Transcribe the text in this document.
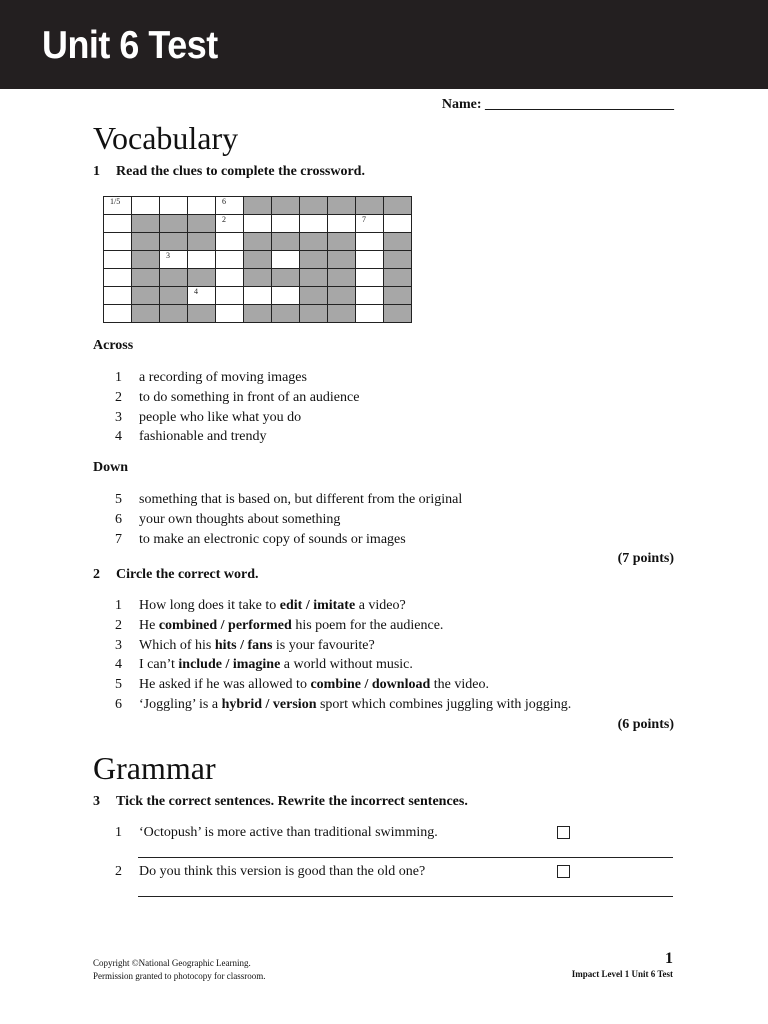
Unit 6 Test
Name: ___________________________
Vocabulary
1 Read the clues to complete the crossword.
1/5	6
2	7
3
4
Across
1 a recording of moving images
2 to do something in front of an audience
3 people who like what you do
4 fashionable and trendy
Down
5 something that is based on, but different from the original
6 your own thoughts about something
7 to make an electronic copy of sounds or images
(7 points)
2 Circle the correct word.
1 How long does it take to edit / imitate a video?
2 He combined / performed his poem for the audience.
3 Which of his hits / fans is your favourite?
4 I can’t include / imagine a world without music.
5 He asked if he was allowed to combine / download the video.
6 ‘Joggling’ is a hybrid / version sport which combines juggling with jogging.
(6 points)
Grammar
3 Tick the correct sentences. Rewrite the incorrect sentences.
1 ‘Octopush’ is more active than traditional swimming.
2 Do you think this version is good than the old one?
Copyright ©National Geographic Learning.
Permission granted to photocopy for classroom.
1
Impact Level 1 Unit 6 Test
